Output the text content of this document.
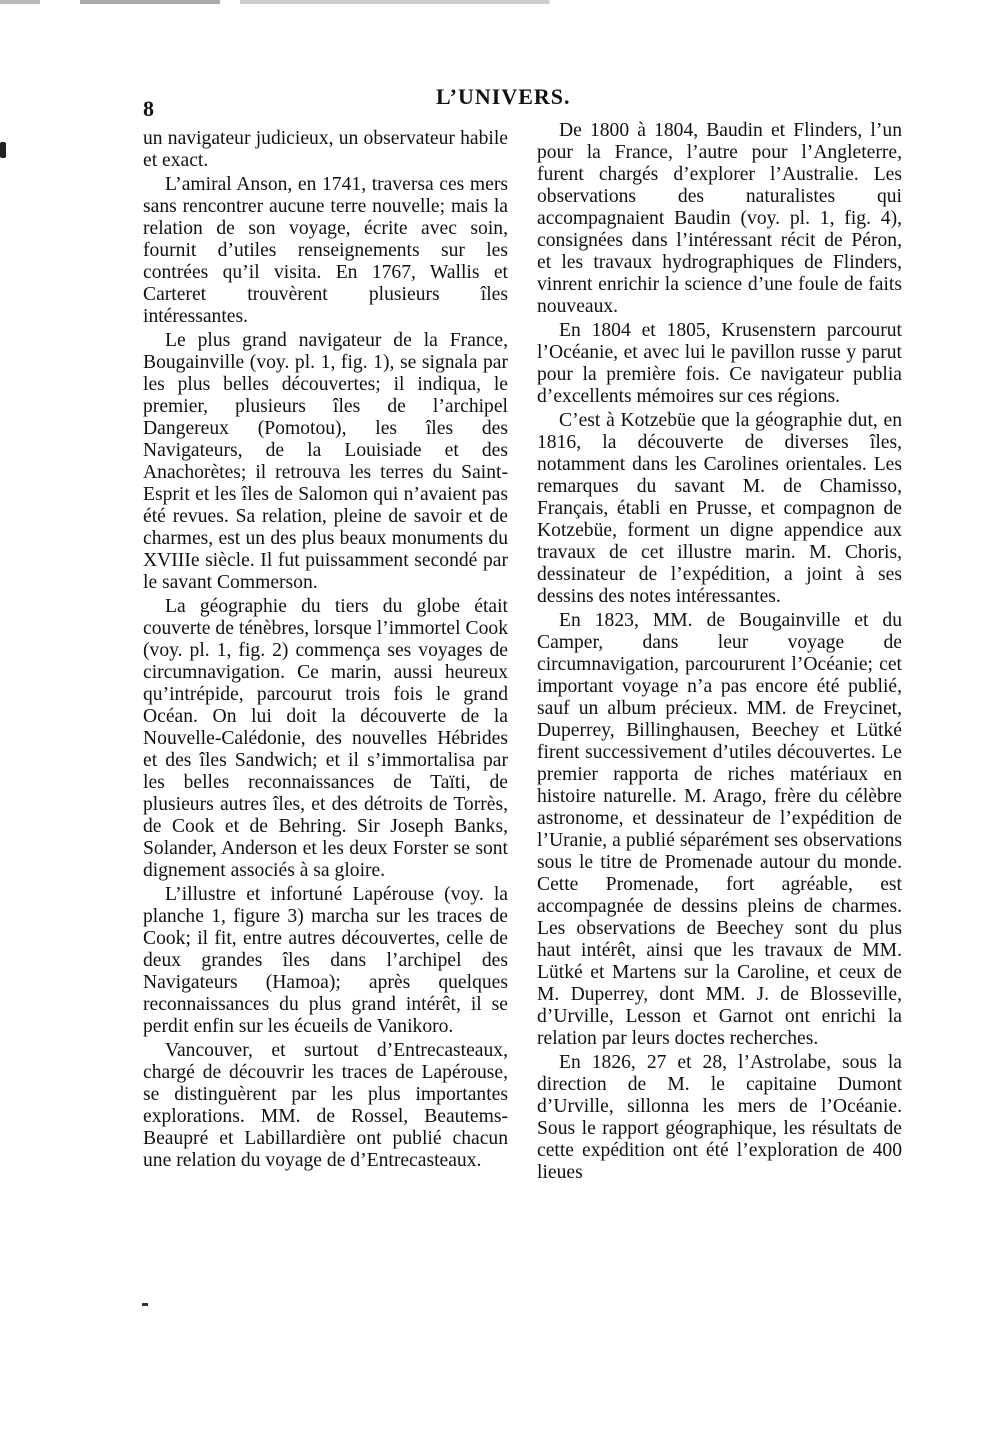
8	L’UNIVERS.

un navigateur judicieux, un observateur habile et exact.

L’amiral Anson, en 1741, traversa ces mers sans rencontrer aucune terre nouvelle; mais la relation de son voyage, écrite avec soin, fournit d’utiles renseignements sur les contrées qu’il visita. En 1767, Wallis et Carteret trouvèrent plusieurs îles intéressantes.

Le plus grand navigateur de la France, Bougainville (voy. pl. 1, fig. 1), se signala par les plus belles découvertes; il indiqua, le premier, plusieurs îles de l’archipel Dangereux (Pomotou), les îles des Navigateurs, de la Louisiade et des Anachorètes; il retrouva les terres du Saint-Esprit et les îles de Salomon qui n’avaient pas été revues. Sa relation, pleine de savoir et de charmes, est un des plus beaux monuments du XVIIIe siècle. Il fut puissamment secondé par le savant Commerson.

La géographie du tiers du globe était couverte de ténèbres, lorsque l’immortel Cook (voy. pl. 1, fig. 2) commença ses voyages de circumnavigation. Ce marin, aussi heureux qu’intrépide, parcourut trois fois le grand Océan. On lui doit la découverte de la Nouvelle-Calédonie, des nouvelles Hébrides et des îles Sandwich; et il s’immortalisa par les belles reconnaissances de Taïti, de plusieurs autres îles, et des détroits de Torrès, de Cook et de Behring. Sir Joseph Banks, Solander, Anderson et les deux Forster se sont dignement associés à sa gloire.

L’illustre et infortuné Lapérouse (voy. la planche 1, figure 3) marcha sur les traces de Cook; il fit, entre autres découvertes, celle de deux grandes îles dans l’archipel des Navigateurs (Hamoa); après quelques reconnaissances du plus grand intérêt, il se perdit enfin sur les écueils de Vanikoro.

Vancouver, et surtout d’Entrecasteaux, chargé de découvrir les traces de Lapérouse, se distinguèrent par les plus importantes explorations. MM. de Rossel, Beautems-Beaupré et Labillardière ont publié chacun une relation du voyage de d’Entrecasteaux.

De 1800 à 1804, Baudin et Flinders, l’un pour la France, l’autre pour l’Angleterre, furent chargés d’explorer l’Australie. Les observations des naturalistes qui accompagnaient Baudin (voy. pl. 1, fig. 4), consignées dans l’intéressant récit de Péron, et les travaux hydrographiques de Flinders, vinrent enrichir la science d’une foule de faits nouveaux.

En 1804 et 1805, Krusenstern parcourut l’Océanie, et avec lui le pavillon russe y parut pour la première fois. Ce navigateur publia d’excellents mémoires sur ces régions.

C’est à Kotzebüe que la géographie dut, en 1816, la découverte de diverses îles, notamment dans les Carolines orientales. Les remarques du savant M. de Chamisso, Français, établi en Prusse, et compagnon de Kotzebüe, forment un digne appendice aux travaux de cet illustre marin. M. Choris, dessinateur de l’expédition, a joint à ses dessins des notes intéressantes.

En 1823, MM. de Bougainville et du Camper, dans leur voyage de circumnavigation, parcoururent l’Océanie; cet important voyage n’a pas encore été publié, sauf un album précieux. MM. de Freycinet, Duperrey, Billinghausen, Beechey et Lütké firent successivement d’utiles découvertes. Le premier rapporta de riches matériaux en histoire naturelle. M. Arago, frère du célèbre astronome, et dessinateur de l’expédition de l’Uranie, a publié séparément ses observations sous le titre de Promenade autour du monde. Cette Promenade, fort agréable, est accompagnée de dessins pleins de charmes. Les observations de Beechey sont du plus haut intérêt, ainsi que les travaux de MM. Lütké et Martens sur la Caroline, et ceux de M. Duperrey, dont MM. J. de Blosseville, d’Urville, Lesson et Garnot ont enrichi la relation par leurs doctes recherches.

En 1826, 27 et 28, l’Astrolabe, sous la direction de M. le capitaine Dumont d’Urville, sillonna les mers de l’Océanie. Sous le rapport géographique, les résultats de cette expédition ont été l’exploration de 400 lieues
